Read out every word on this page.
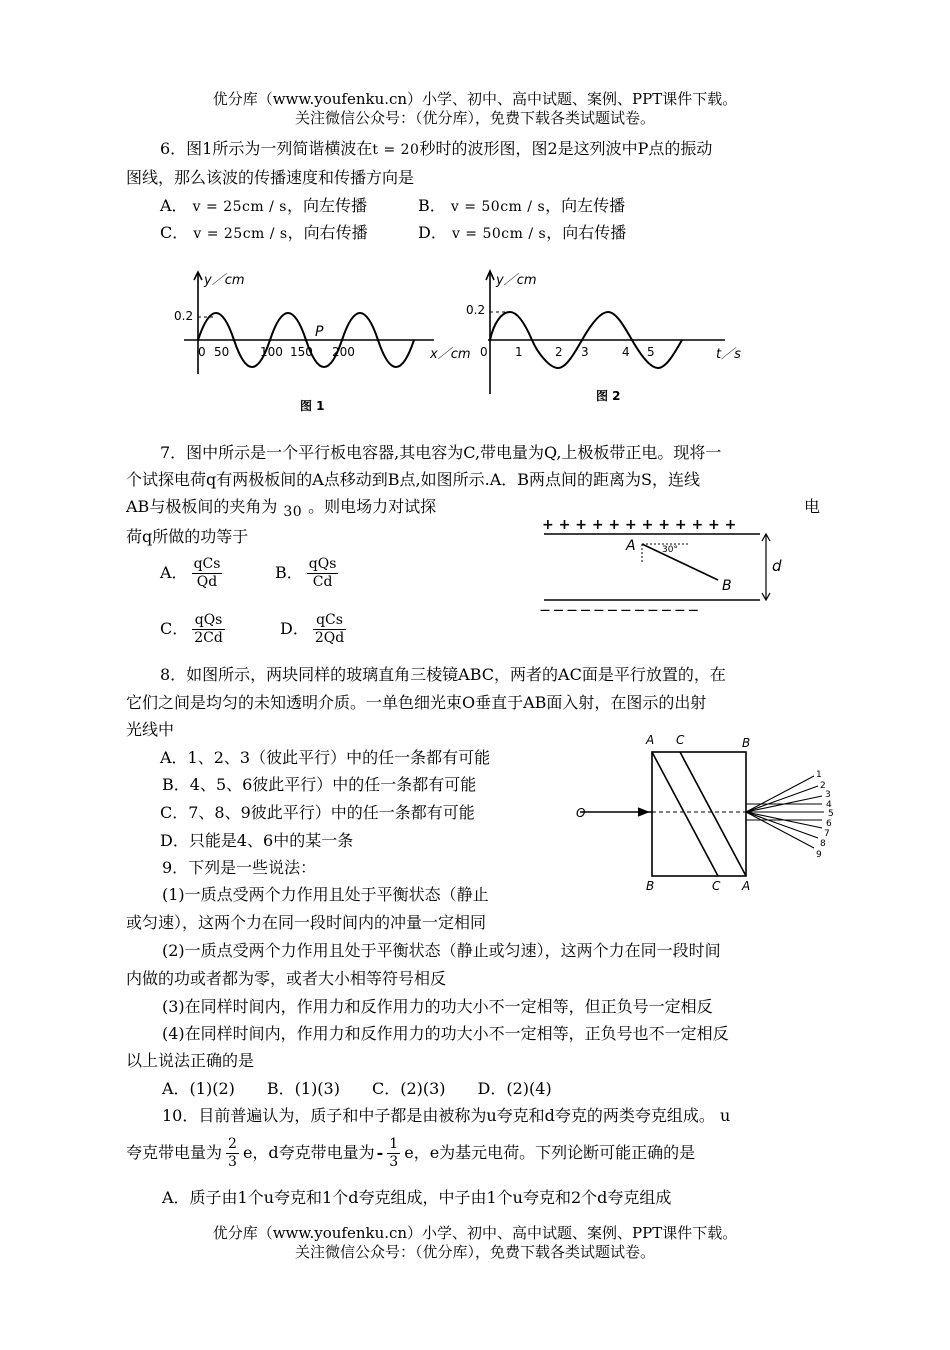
优分库（www.youfenku.cn）小学、初中、高中试题、案例、PPT课件下载。
关注微信公众号：（优分库），免费下载各类试题试卷。
6．图1所示为一列简谐横波在t = 20秒时的波形图，图2是这列波中P点的振动
图线，那么该波的传播速度和传播方向是
A． v = 25cm / s，向左传播	B． v = 50cm / s，向左传播
C． v = 25cm / s，向右传播	D． v = 50cm / s，向右传播
y／cm
0.2
P
0 50	100 150 200	x／cm
图 1
y／cm
0.2
0 1	2 3	4 5	t／s
图 2
7．图中所示是一个平行板电容器,其电容为C,带电量为Q,上极板带正电。现将一
个试探电荷q有两极板间的A点移动到B点,如图所示.A．B两点间的距离为S，连线
AB与极板间的夹角为 30 。则电场力对试探	电
荷q所做的功等于
A． $\frac{\text{qCs}}{Qd}$	B． $\frac{\text{qQs}}{Cd}$
C． $\frac{\text{qQs}}{2Cd}$	D． $\frac{\text{qCs}}{2Qd}$
+ + + + + + + + + + + +
— — — — — — — — — — — —
A	30°
B
d
8．如图所示，两块同样的玻璃直角三棱镜ABC，两者的AC面是平行放置的，在
它们之间是均匀的未知透明介质。一单色细光束O垂直于AB面入射，在图示的出射
光线中
A．1、2、3（彼此平行）中的任一条都有可能
B．4、5、6彼此平行）中的任一条都有可能
C．7、8、9彼此平行）中的任一条都有可能
D．只能是4、6中的某一条
A C	B
B	C A
O
1
2
3
4
5
6
7
8
9
9．下列是一些说法：
(1)一质点受两个力作用且处于平衡状态（静止
或匀速），这两个力在同一段时间内的冲量一定相同
(2)一质点受两个力作用且处于平衡状态（静止或匀速），这两个力在同一段时间
内做的功或者都为零，或者大小相等符号相反
(3)在同样时间内，作用力和反作用力的功大小不一定相等，但正负号一定相反
(4)在同样时间内，作用力和反作用力的功大小不一定相等，正负号也不一定相反
以上说法正确的是
A．(1)(2)　　B．(1)(3)　　C．(2)(3)　　D．(2)(4)
10．目前普遍认为，质子和中子都是由被称为u夸克和d夸克的两类夸克组成。 u
夸克带电量为 $\frac{2}{3}$ e，d夸克带电量为 - $\frac{1}{3}$ e，e为基元电荷。下列论断可能正确的是
A．质子由1个u夸克和1个d夸克组成，中子由1个u夸克和2个d夸克组成
优分库（www.youfenku.cn）小学、初中、高中试题、案例、PPT课件下载。
关注微信公众号：（优分库），免费下载各类试题试卷。
